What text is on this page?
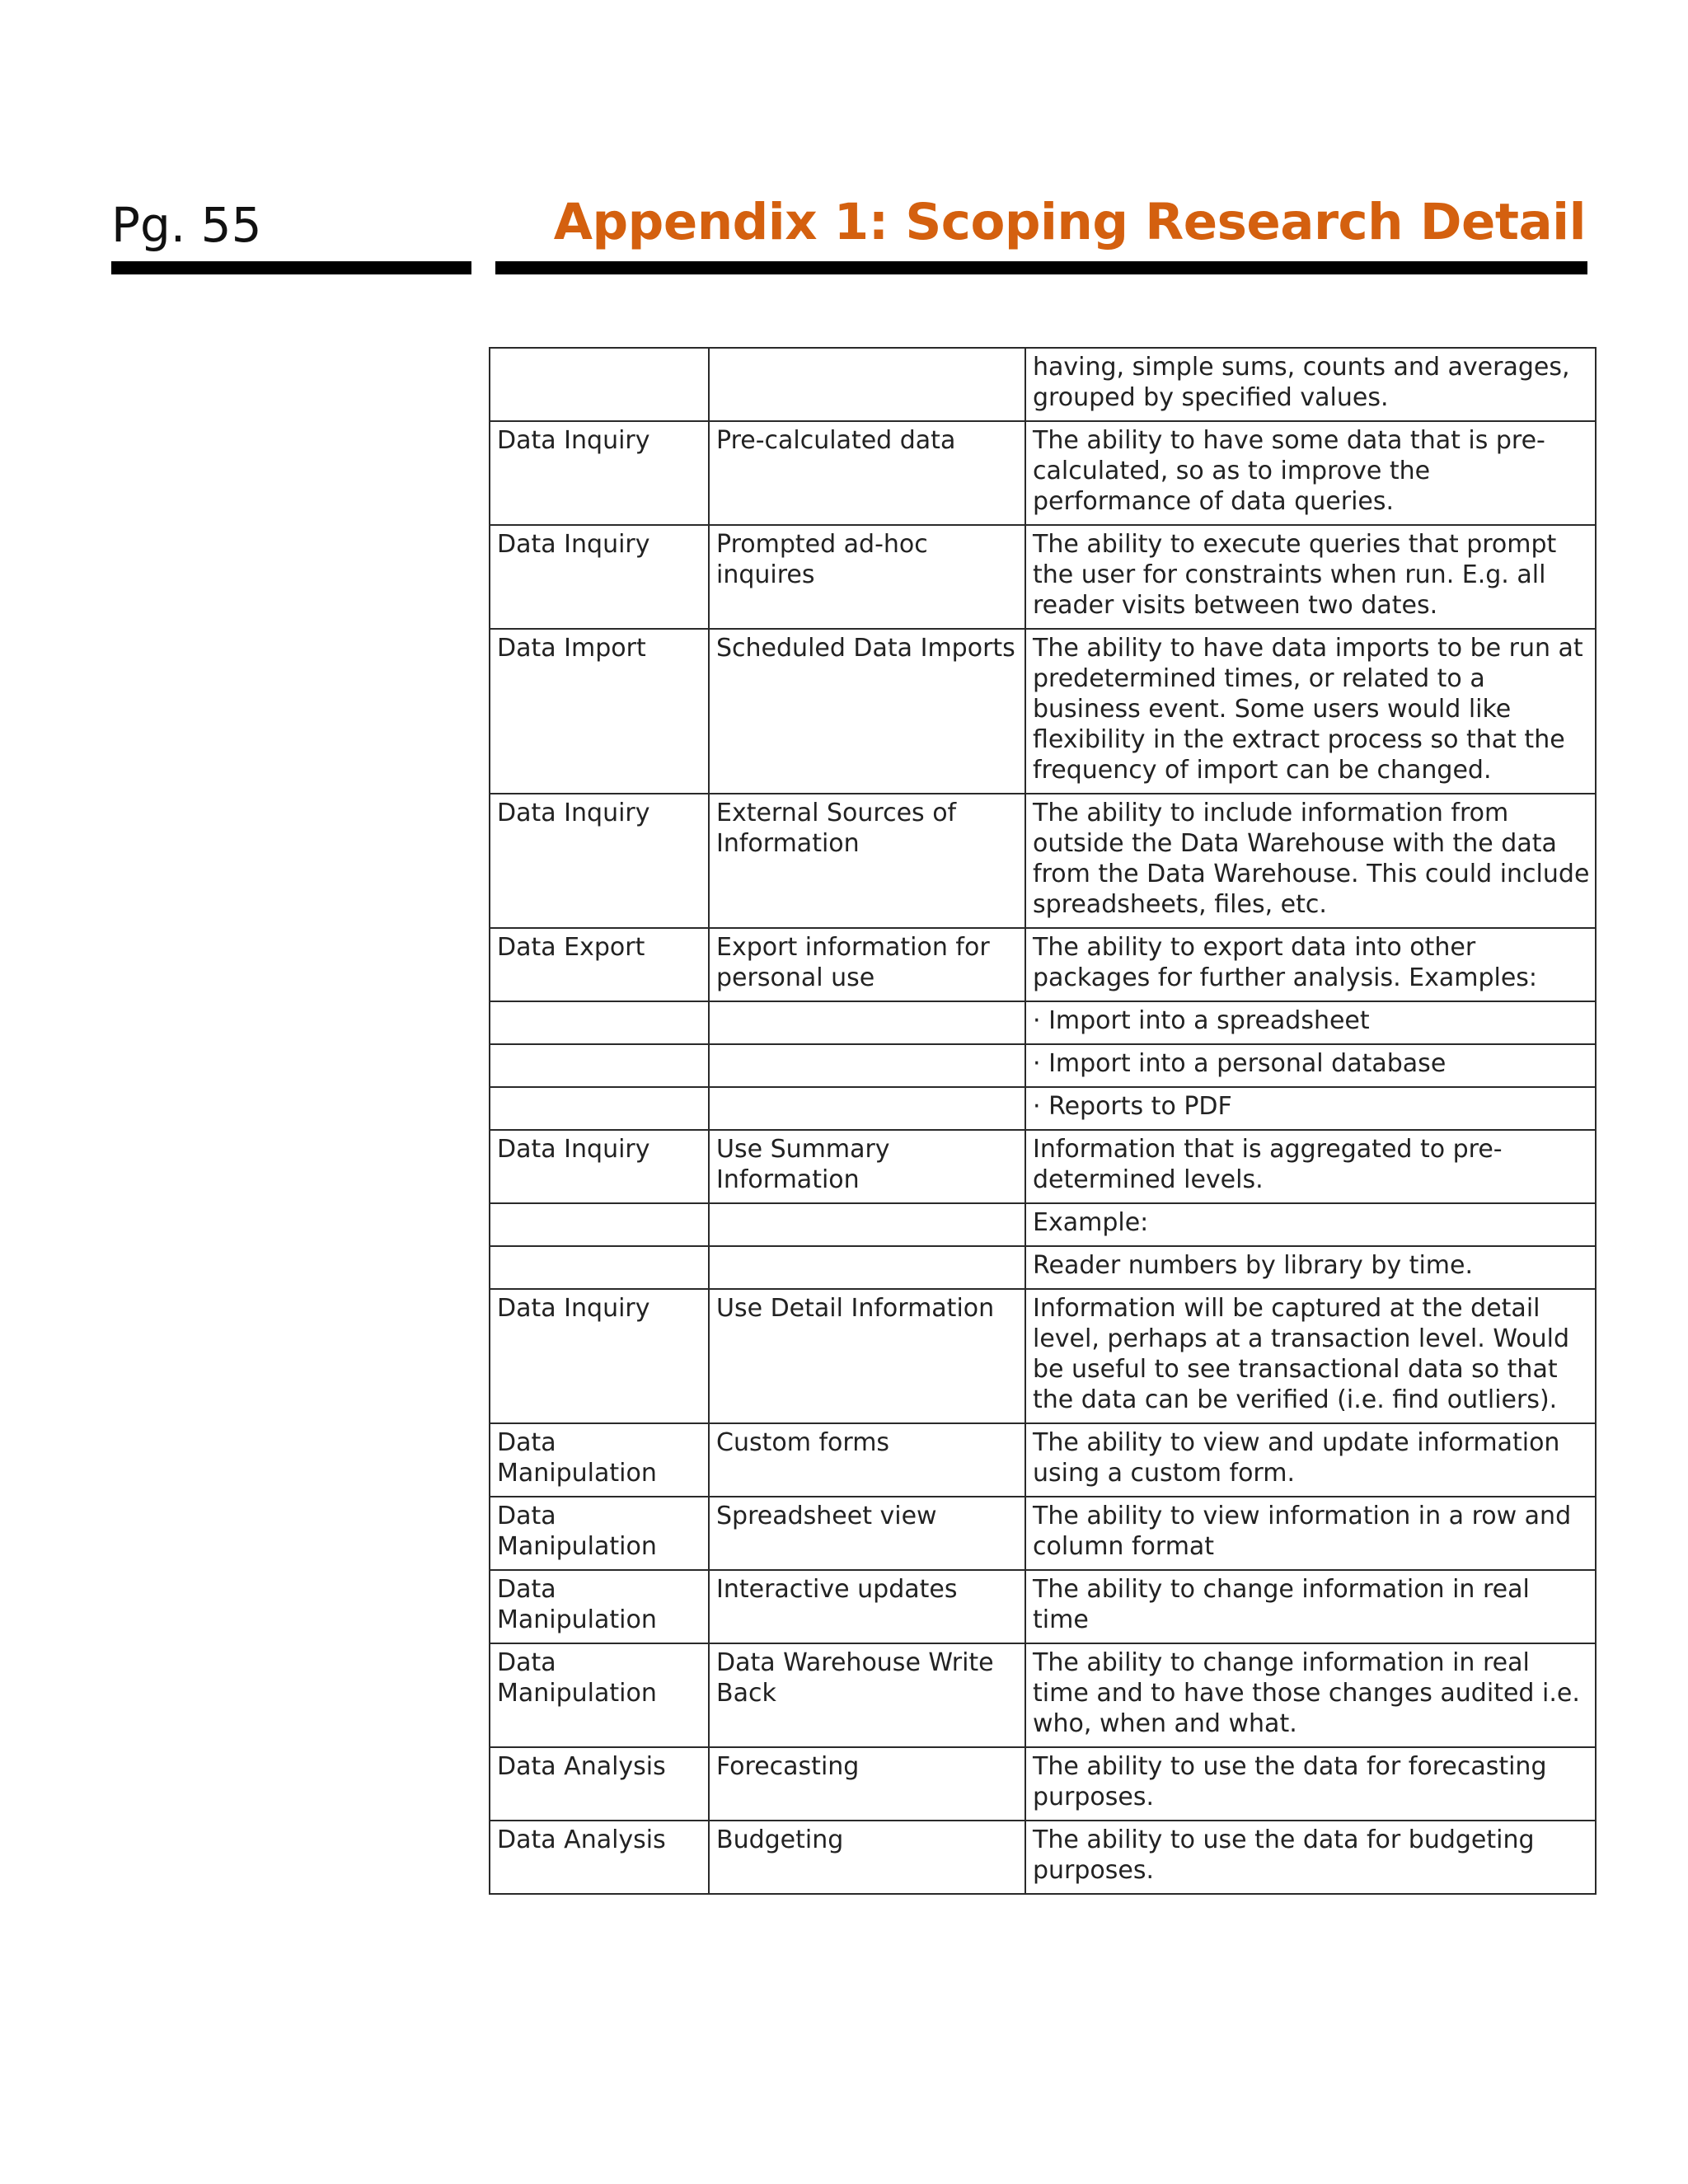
Pg. 55	Appendix 1: Scoping Research Detail
		having, simple sums, counts and averages, grouped by specified values.
Data Inquiry	Pre-calculated data	The ability to have some data that is pre-calculated, so as to improve the performance of data queries.
Data Inquiry	Prompted ad-hoc inquires	The ability to execute queries that prompt the user for constraints when run. E.g. all reader visits between two dates.
Data Import	Scheduled Data Imports	The ability to have data imports to be run at predetermined times, or related to a business event. Some users would like flexibility in the extract process so that the frequency of import can be changed.
Data Inquiry	External Sources of Information	The ability to include information from outside the Data Warehouse with the data from the Data Warehouse. This could include spreadsheets, files, etc.
Data Export	Export information for personal use	The ability to export data into other packages for further analysis. Examples:
		· Import into a spreadsheet
		· Import into a personal database
		· Reports to PDF
Data Inquiry	Use Summary Information	Information that is aggregated to pre-determined levels.
		Example:
		Reader numbers by library by time.
Data Inquiry	Use Detail Information	Information will be captured at the detail level, perhaps at a transaction level. Would be useful to see transactional data so that the data can be verified (i.e. find outliers).
Data Manipulation	Custom forms	The ability to view and update information using a custom form.
Data Manipulation	Spreadsheet view	The ability to view information in a row and column format
Data Manipulation	Interactive updates	The ability to change information in real time
Data Manipulation	Data Warehouse Write Back	The ability to change information in real time and to have those changes audited i.e. who, when and what.
Data Analysis	Forecasting	The ability to use the data for forecasting purposes.
Data Analysis	Budgeting	The ability to use the data for budgeting purposes.
